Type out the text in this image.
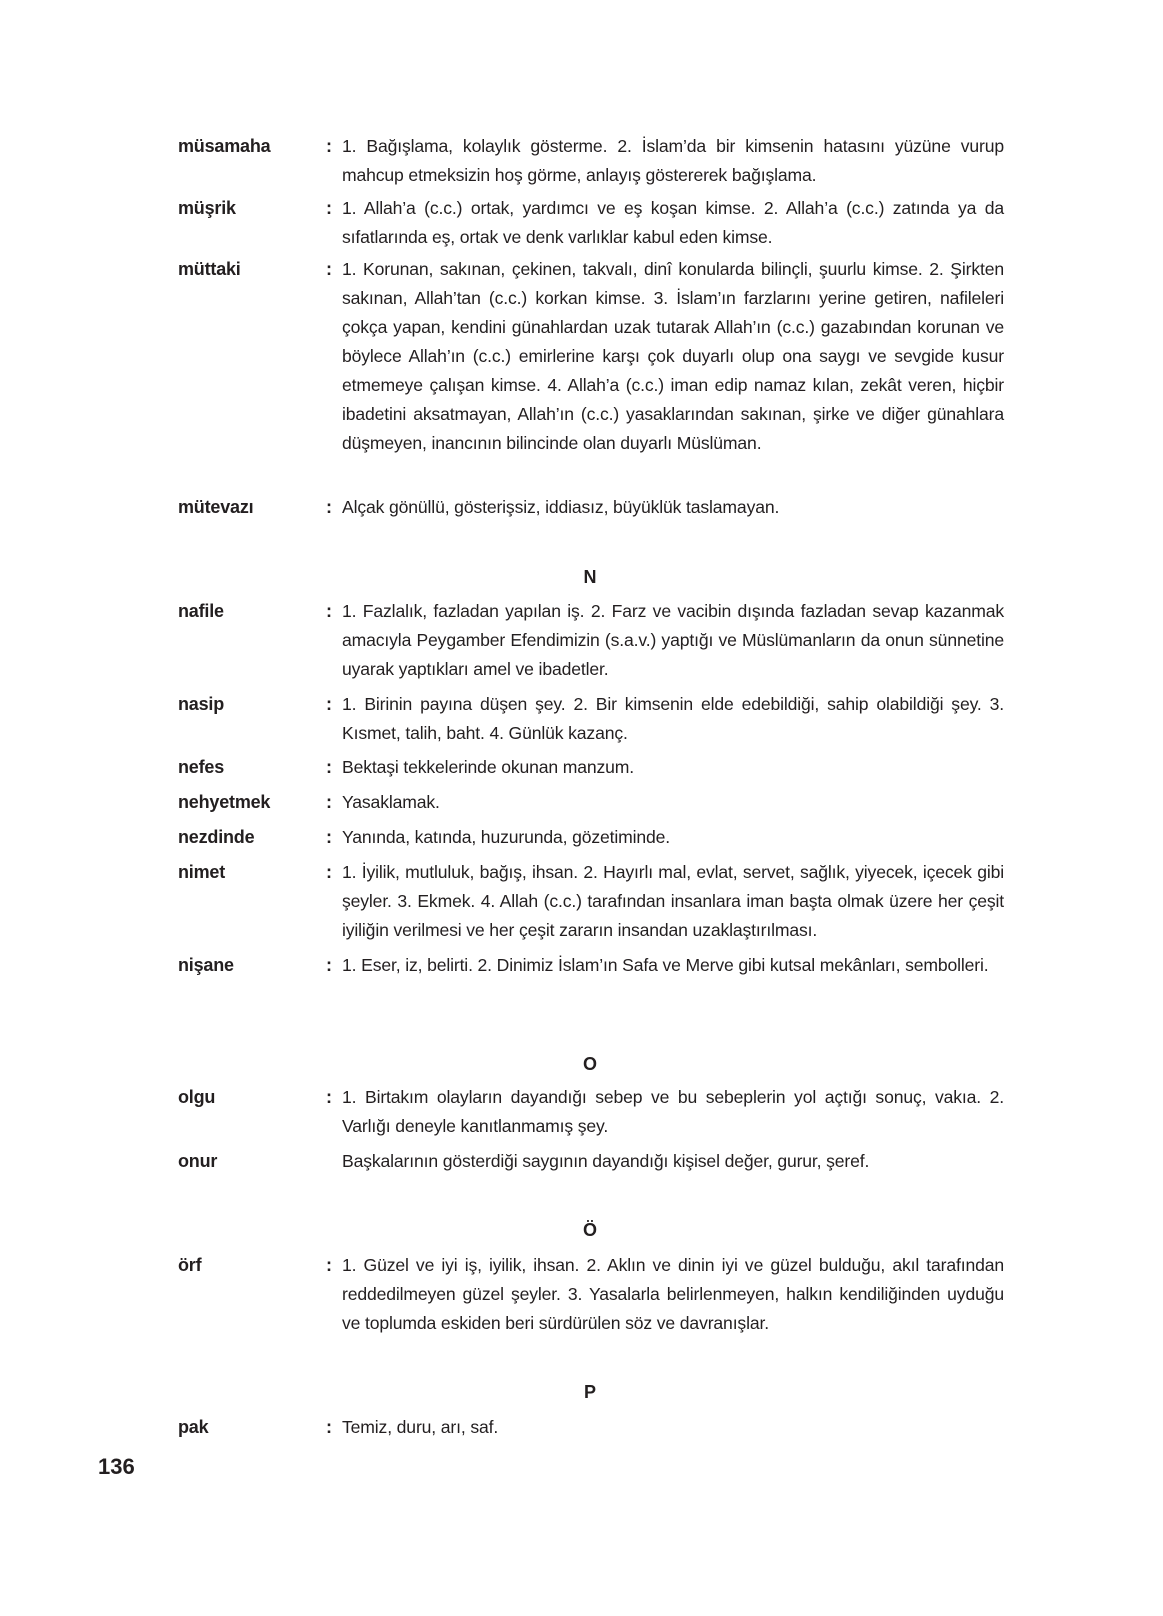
müsamaha	: 1. Bağışlama, kolaylık gösterme. 2. İslam’da bir kimsenin hatasını yüzüne vurup mahcup etmeksizin hoş görme, anlayış göstererek bağışlama.
müşrik	: 1. Allah’a (c.c.) ortak, yardımcı ve eş koşan kimse. 2. Allah’a (c.c.) zatında ya da sıfatlarında eş, ortak ve denk varlıklar kabul eden kimse.
müttaki	: 1. Korunan, sakınan, çekinen, takvalı, dinî konularda bilinçli, şuurlu kimse. 2. Şirkten sakınan, Allah’tan (c.c.) korkan kimse. 3. İslam’ın farzlarını yerine getiren, nafileleri çokça yapan, kendini günahlardan uzak tutarak Allah’ın (c.c.) gazabından korunan ve böylece Allah’ın (c.c.) emirlerine karşı çok duyarlı olup ona saygı ve sevgide kusur etmemeye çalışan kimse. 4. Allah’a (c.c.) iman edip namaz kılan, zekât veren, hiçbir ibadetini aksatmayan, Allah’ın (c.c.) yasaklarından sakınan, şirke ve diğer günahlara düşmeyen, inancının bilincinde olan duyarlı Müslüman.
mütevazı	: Alçak gönüllü, gösterişsiz, iddiasız, büyüklük taslamayan.
N
nafile	: 1. Fazlalık, fazladan yapılan iş. 2. Farz ve vacibin dışında fazladan sevap kazanmak amacıyla Peygamber Efendimizin (s.a.v.) yaptığı ve Müslümanların da onun sünnetine uyarak yaptıkları amel ve ibadetler.
nasip	: 1. Birinin payına düşen şey. 2. Bir kimsenin elde edebildiği, sahip olabildiği şey. 3. Kısmet, talih, baht. 4. Günlük kazanç.
nefes	: Bektaşi tekkelerinde okunan manzum.
nehyetmek	: Yasaklamak.
nezdinde	: Yanında, katında, huzurunda, gözetiminde.
nimet	: 1. İyilik, mutluluk, bağış, ihsan. 2. Hayırlı mal, evlat, servet, sağlık, yiyecek, içecek gibi şeyler. 3. Ekmek. 4. Allah (c.c.) tarafından insanlara iman başta olmak üzere her çeşit iyiliğin verilmesi ve her çeşit zararın insandan uzaklaştırılması.
nişane	: 1. Eser, iz, belirti. 2. Dinimiz İslam’ın Safa ve Merve gibi kutsal mekânları, sembolleri.
O
olgu	: 1. Birtakım olayların dayandığı sebep ve bu sebeplerin yol açtığı sonuç, vakıa. 2. Varlığı deneyle kanıtlanmamış şey.
onur	Başkalarının gösterdiği saygının dayandığı kişisel değer, gurur, şeref.
Ö
örf	: 1. Güzel ve iyi iş, iyilik, ihsan. 2. Aklın ve dinin iyi ve güzel bulduğu, akıl tarafından reddedilmeyen güzel şeyler. 3. Yasalarla belirlenmeyen, halkın kendiliğinden uyduğu ve toplumda eskiden beri sürdürülen söz ve davranışlar.
P
pak	: Temiz, duru, arı, saf.
136
